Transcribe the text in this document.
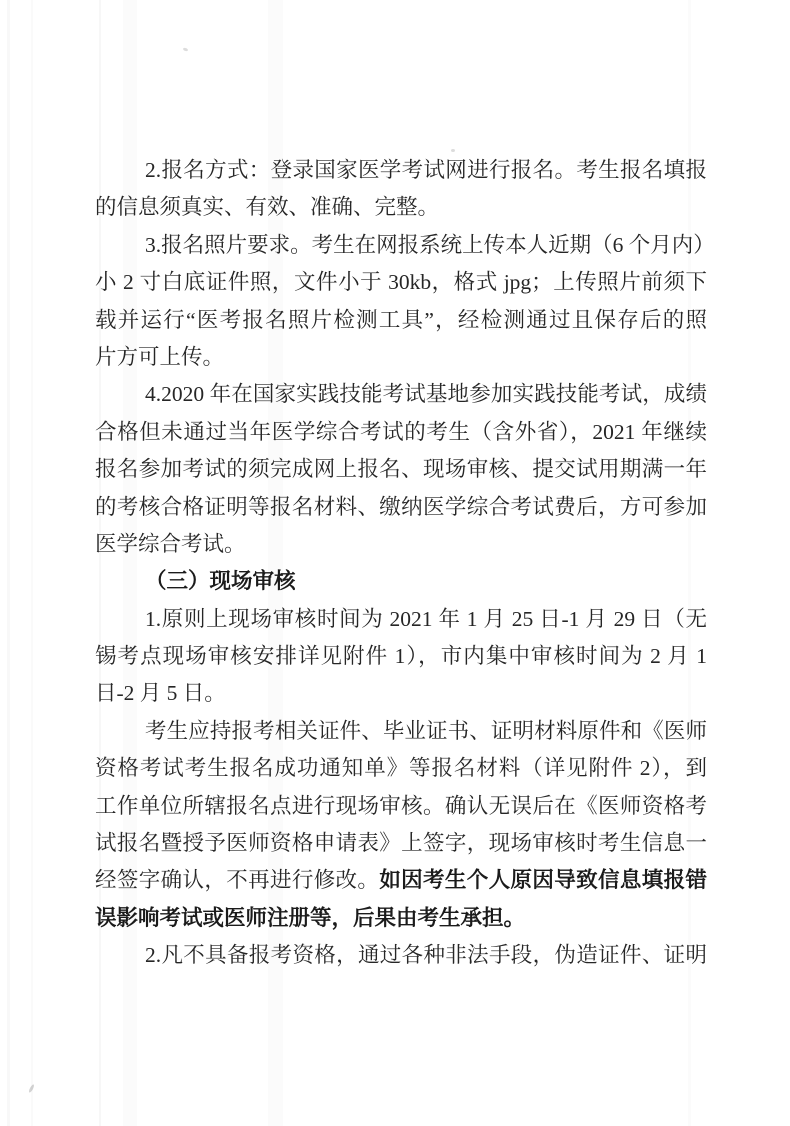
2.报名方式：登录国家医学考试网进行报名。考生报名填报
的信息须真实、有效、准确、完整。
3.报名照片要求。考生在网报系统上传本人近期（6 个月内）
小 2 寸白底证件照，文件小于 30kb，格式 jpg；上传照片前须下
载并运行“医考报名照片检测工具”，经检测通过且保存后的照
片方可上传。
4.2020 年在国家实践技能考试基地参加实践技能考试，成绩
合格但未通过当年医学综合考试的考生（含外省），2021 年继续
报名参加考试的须完成网上报名、现场审核、提交试用期满一年
的考核合格证明等报名材料、缴纳医学综合考试费后，方可参加
医学综合考试。
（三）现场审核
1.原则上现场审核时间为 2021 年 1 月 25 日-1 月 29 日（无
锡考点现场审核安排详见附件 1），市内集中审核时间为 2 月 1
日-2 月 5 日。
考生应持报考相关证件、毕业证书、证明材料原件和《医师
资格考试考生报名成功通知单》等报名材料（详见附件 2），到
工作单位所辖报名点进行现场审核。确认无误后在《医师资格考
试报名暨授予医师资格申请表》上签字，现场审核时考生信息一
经签字确认，不再进行修改。如因考生个人原因导致信息填报错
误影响考试或医师注册等，后果由考生承担。
2.凡不具备报考资格，通过各种非法手段，伪造证件、证明
